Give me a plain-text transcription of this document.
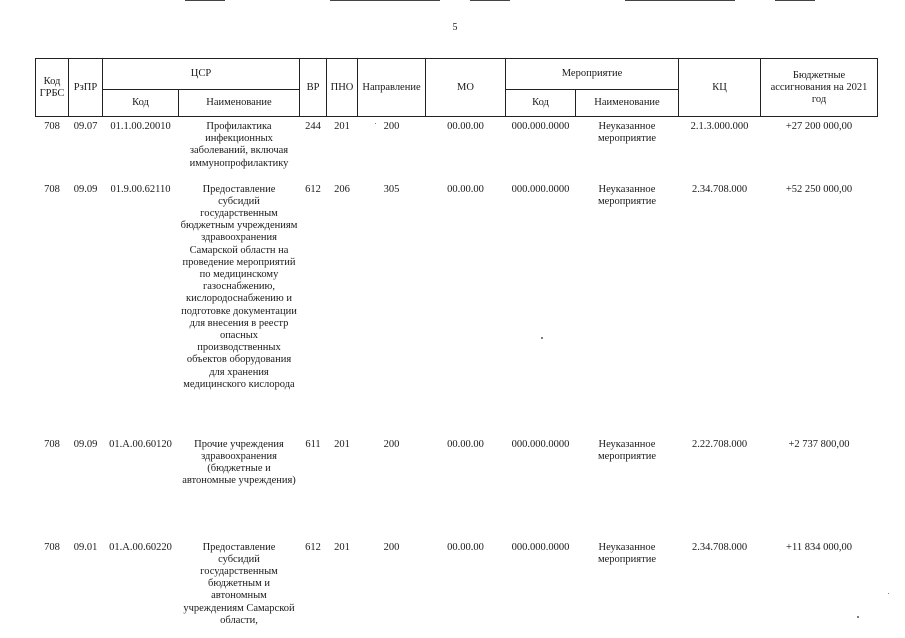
5
Код ГРБС	РзПР	ЦСР		ВР	ПНО	Направление	МО	Мероприятие		КЦ	Бюджетные ассигнования на 2021 год
		Код	Наименование					Код	Наименование		
708	09.07	01.1.00.20010	Профилактика инфекционных заболеваний, включая иммунопрофилактику	244	201	200	00.00.00	000.000.0000	Неуказанное мероприятие	2.1.3.000.000	+27 200 000,00
708	09.09	01.9.00.62110	Предоставление субсидий государственным бюджетным учреждениям здравоохранения Самарской областн на проведение мероприятий по медицинскому газоснабжению, кислородоснабжению и подготовке документации для внесения в реестр опасных производственных объектов оборудования для хранения медицинского кислорода	612	206	305	00.00.00	000.000.0000	Неуказанное мероприятие	2.34.708.000	+52 250 000,00
708	09.09	01.А.00.60120	Прочие учреждения здравоохранения (бюджетные и автономные учреждения)	611	201	200	00.00.00	000.000.0000	Неуказанное мероприятие	2.22.708.000	+2 737 800,00
708	09.01	01.А.00.60220	Предоставление субсидий государственным бюджетным и автономным учреждениям Самарской области,	612	201	200	00.00.00	000.000.0000	Неуказанное мероприятие	2.34.708.000	+11 834 000,00
